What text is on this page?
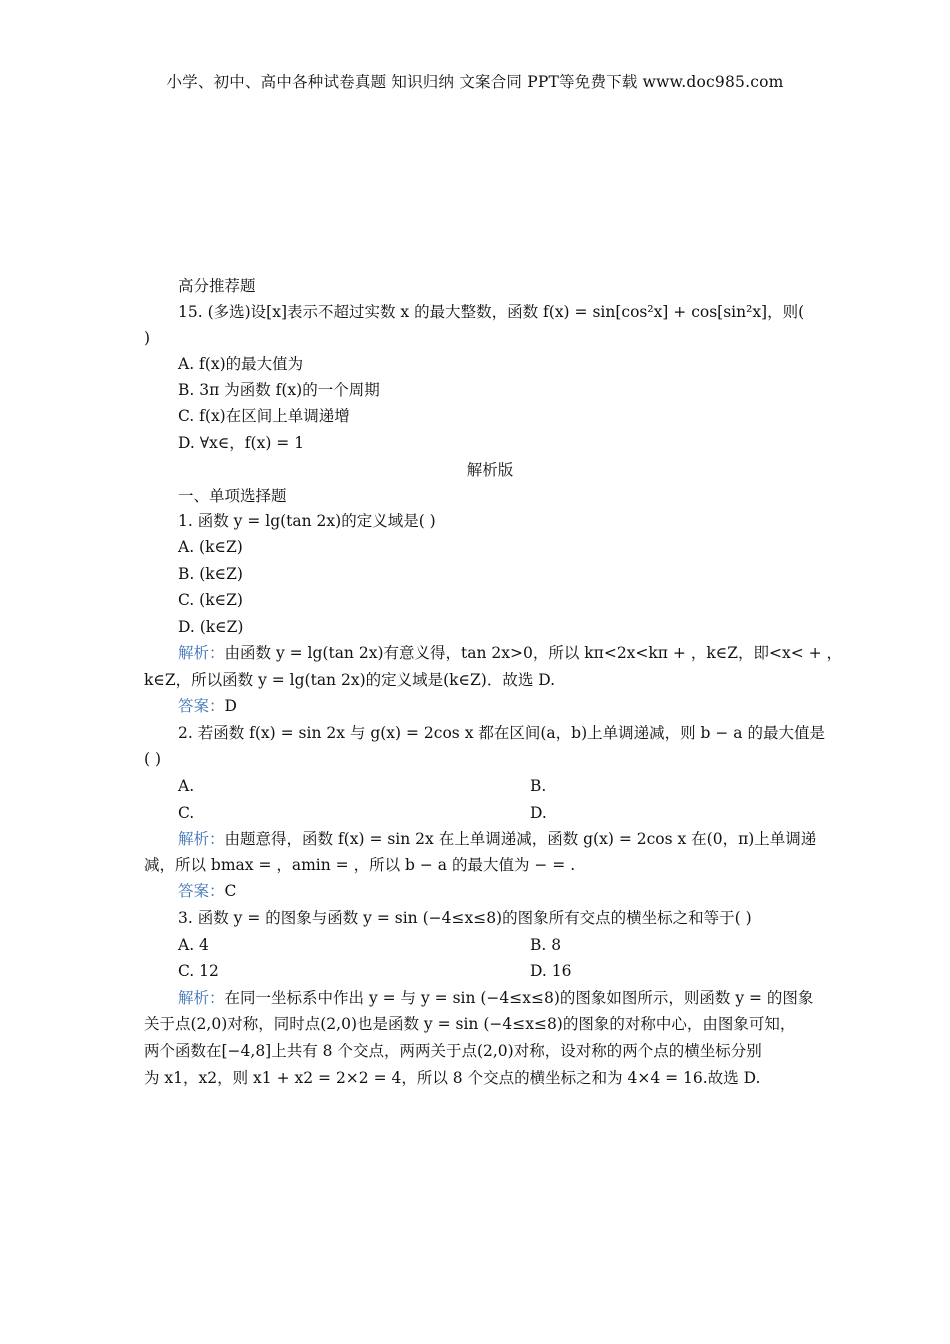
小学、初中、高中各种试卷真题 知识归纳 文案合同 PPT等免费下载 www.doc985.com
高分推荐题
15. (多选)设[x]表示不超过实数 x 的最大整数，函数 f(x) = sin[cos²x] + cos[sin²x]，则(
)
A. f(x)的最大值为
B. 3π 为函数 f(x)的一个周期
C. f(x)在区间上单调递增
D. ∀x∈，f(x) = 1
解析版
一、单项选择题
1. 函数 y = lg(tan 2x)的定义域是( )
A. (k∈Z)
B. (k∈Z)
C. (k∈Z)
D. (k∈Z)
解析：由函数 y = lg(tan 2x)有意义得，tan 2x>0，所以 kπ<2x<kπ + ，k∈Z，即<x< + ，
k∈Z，所以函数 y = lg(tan 2x)的定义域是(k∈Z)．故选 D.
答案：D
2. 若函数 f(x) = sin 2x 与 g(x) = 2cos x 都在区间(a，b)上单调递减，则 b − a 的最大值是
( )
A.	B.
C.	D.
解析：由题意得，函数 f(x) = sin 2x 在上单调递减，函数 g(x) = 2cos x 在(0，π)上单调递
减，所以 bmax = ，amin = ，所以 b − a 的最大值为 − = .
答案：C
3. 函数 y = 的图象与函数 y = sin (−4≤x≤8)的图象所有交点的横坐标之和等于( )
A. 4	B. 8
C. 12	D. 16
解析：在同一坐标系中作出 y = 与 y = sin (−4≤x≤8)的图象如图所示，则函数 y = 的图象
关于点(2,0)对称，同时点(2,0)也是函数 y = sin (−4≤x≤8)的图象的对称中心，由图象可知，
两个函数在[−4,8]上共有 8 个交点，两两关于点(2,0)对称，设对称的两个点的横坐标分别
为 x1，x2，则 x1 + x2 = 2×2 = 4，所以 8 个交点的横坐标之和为 4×4 = 16.故选 D.
